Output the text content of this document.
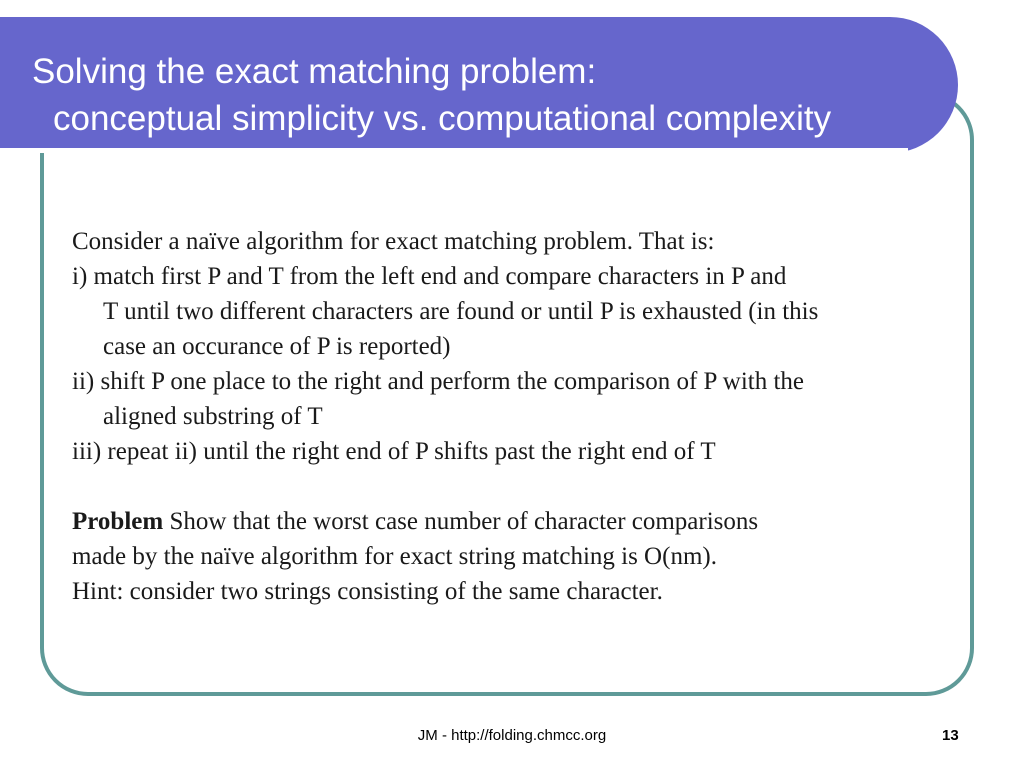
Solving the exact matching problem:
conceptual simplicity vs. computational complexity
Consider a naïve algorithm for exact matching problem. That is:
i) match first P and T from the left end and compare characters in P and
T until two different characters are found or until P is exhausted (in this
case an occurance of P is reported)
ii) shift P one place to the right and perform the comparison of P with the
aligned substring of T
iii) repeat ii) until the right end of P shifts past the right end of T
Problem Show that the worst case number of character comparisons
made by the naïve algorithm for exact string matching is O(nm).
Hint: consider two strings consisting of the same character.
JM - http://folding.chmcc.org	13
